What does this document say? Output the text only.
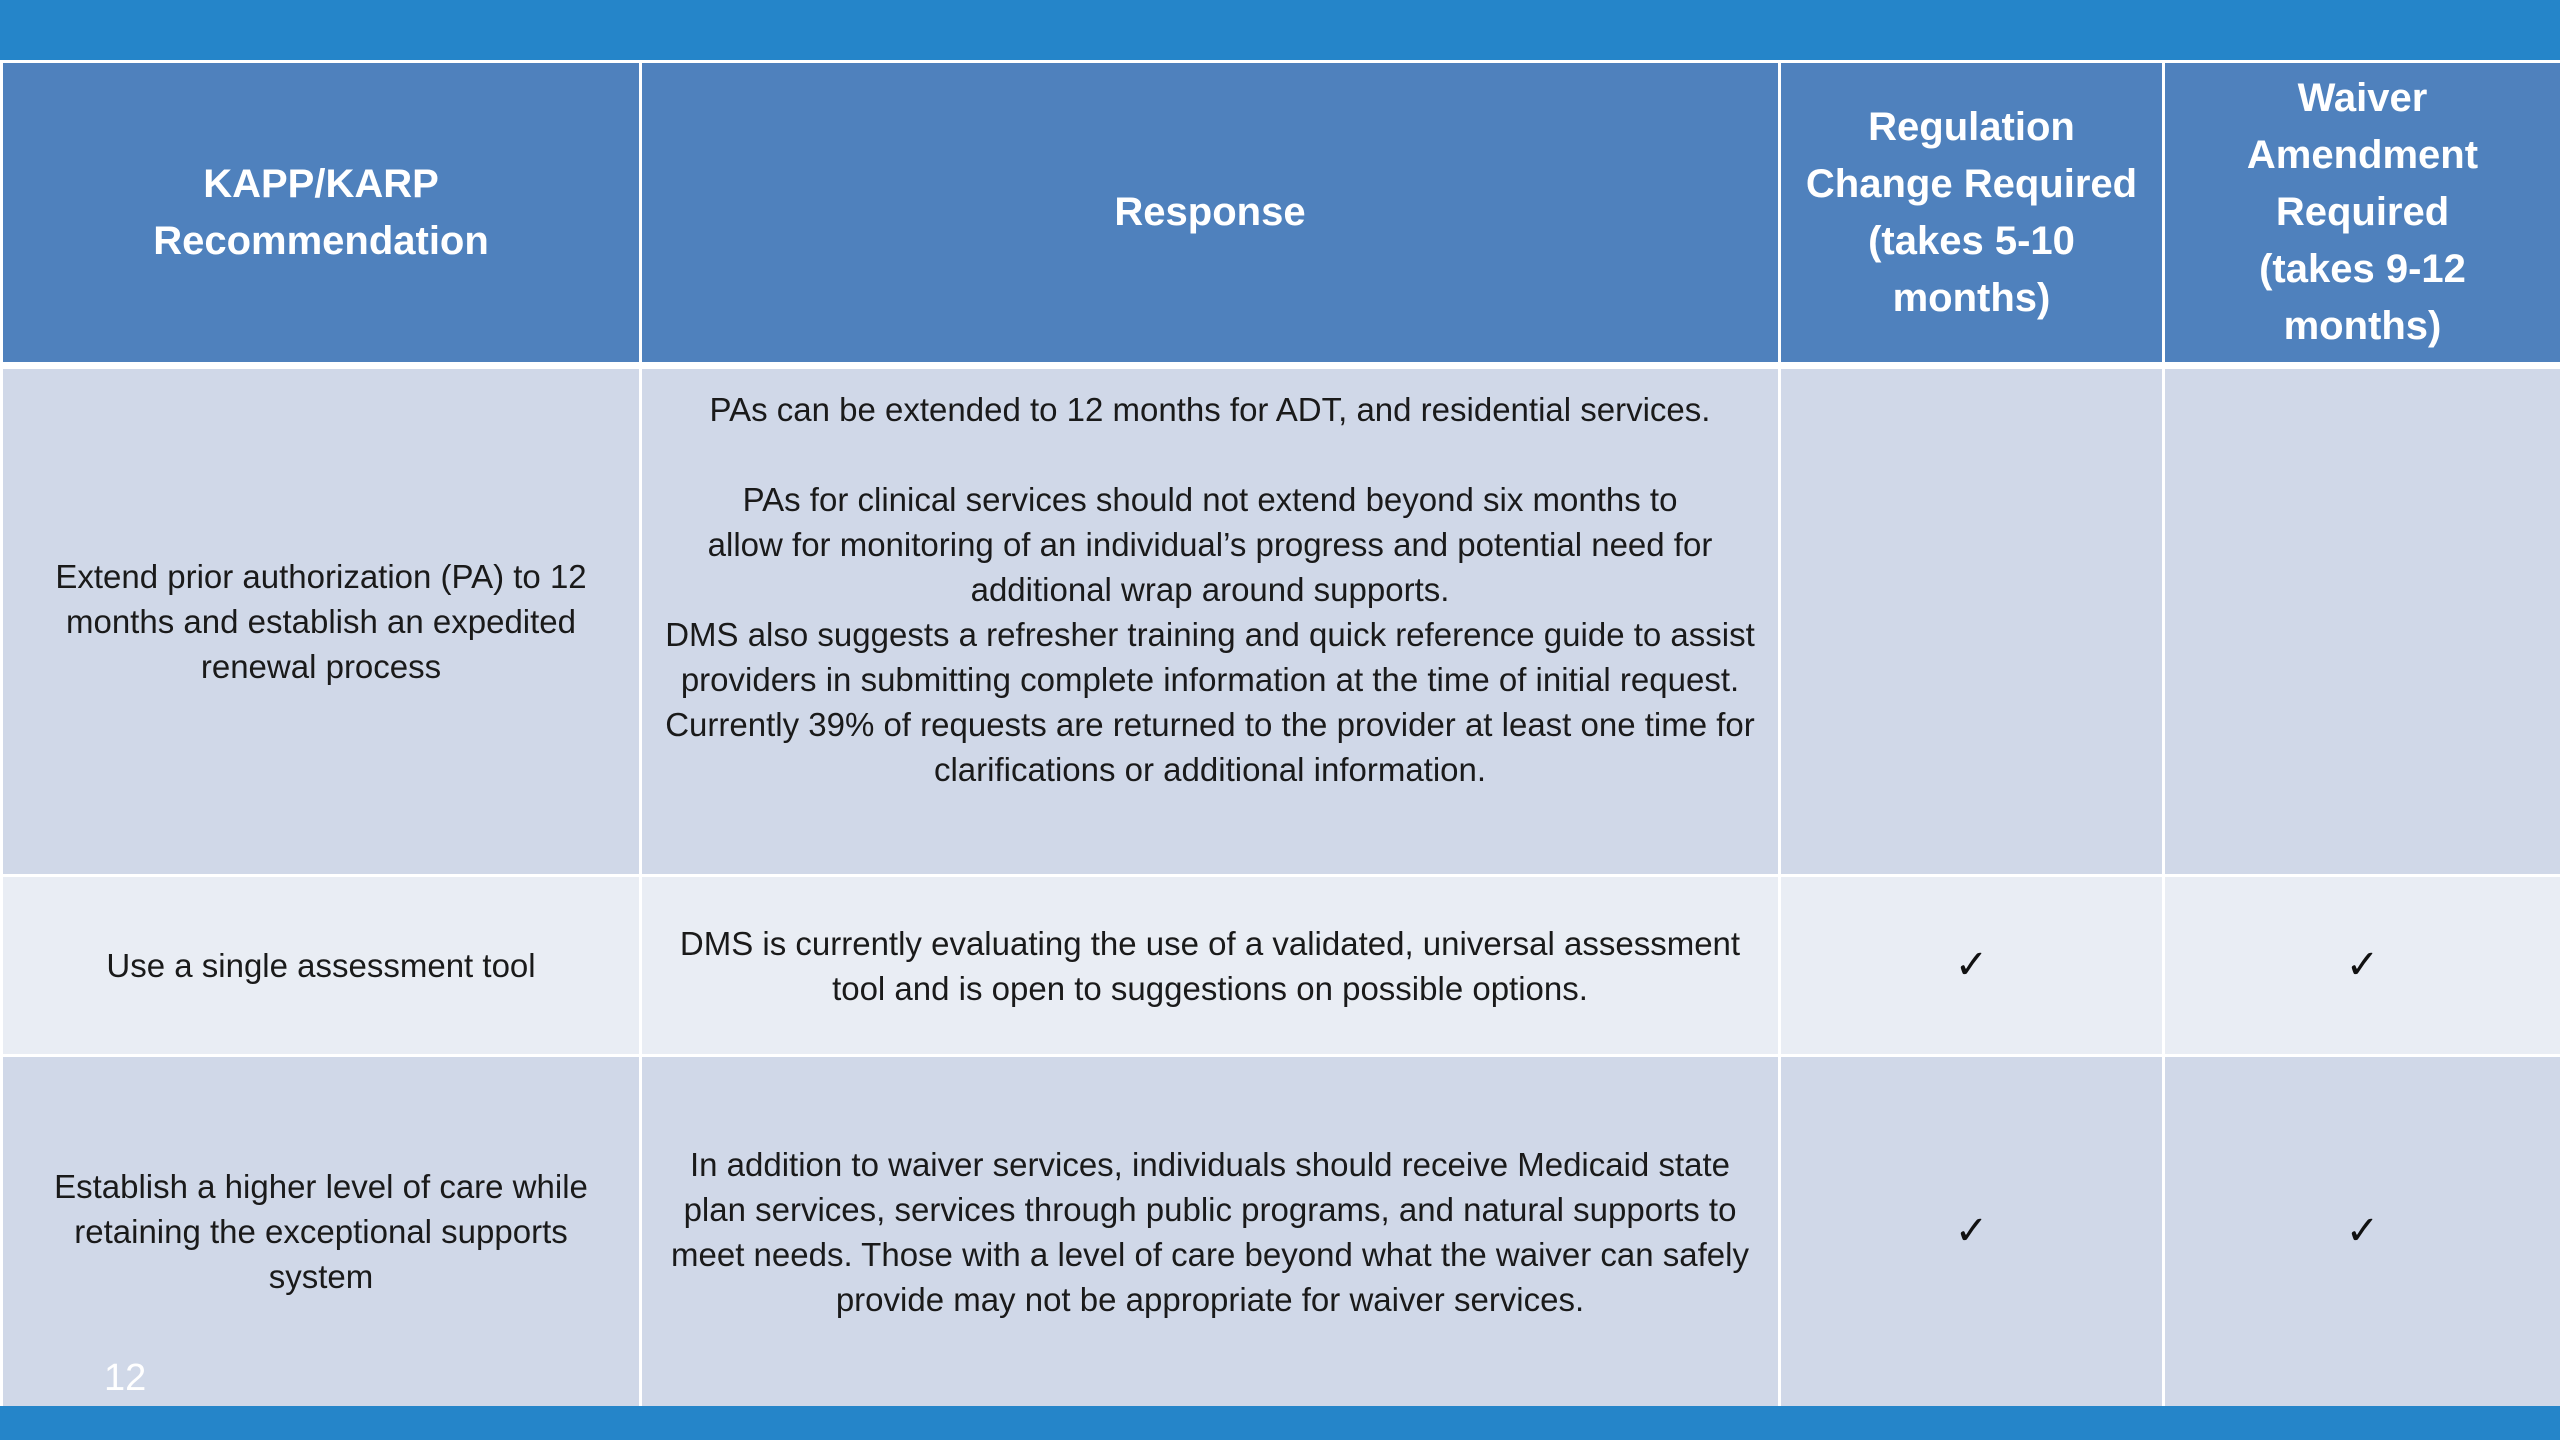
KAPP/KARP Recommendation	Response	Regulation Change Required (takes 5-10 months)	Waiver Amendment Required (takes 9-12 months)
Extend prior authorization (PA) to 12 months and establish an expedited renewal process	PAs can be extended to 12 months for ADT, and residential services.
PAs for clinical services should not extend beyond six months to allow for monitoring of an individual’s progress and potential need for additional wrap around supports.
DMS also suggests a refresher training and quick reference guide to assist providers in submitting complete information at the time of initial request. Currently 39% of requests are returned to the provider at least one time for clarifications or additional information.		

Use a single assessment tool	DMS is currently evaluating the use of a validated, universal assessment tool and is open to suggestions on possible options.	✓	✓
Establish a higher level of care while retaining the exceptional supports system	In addition to waiver services, individuals should receive Medicaid state plan services, services through public programs, and natural supports to meet needs. Those with a level of care beyond what the waiver can safely provide may not be appropriate for waiver services.	✓	✓
12
